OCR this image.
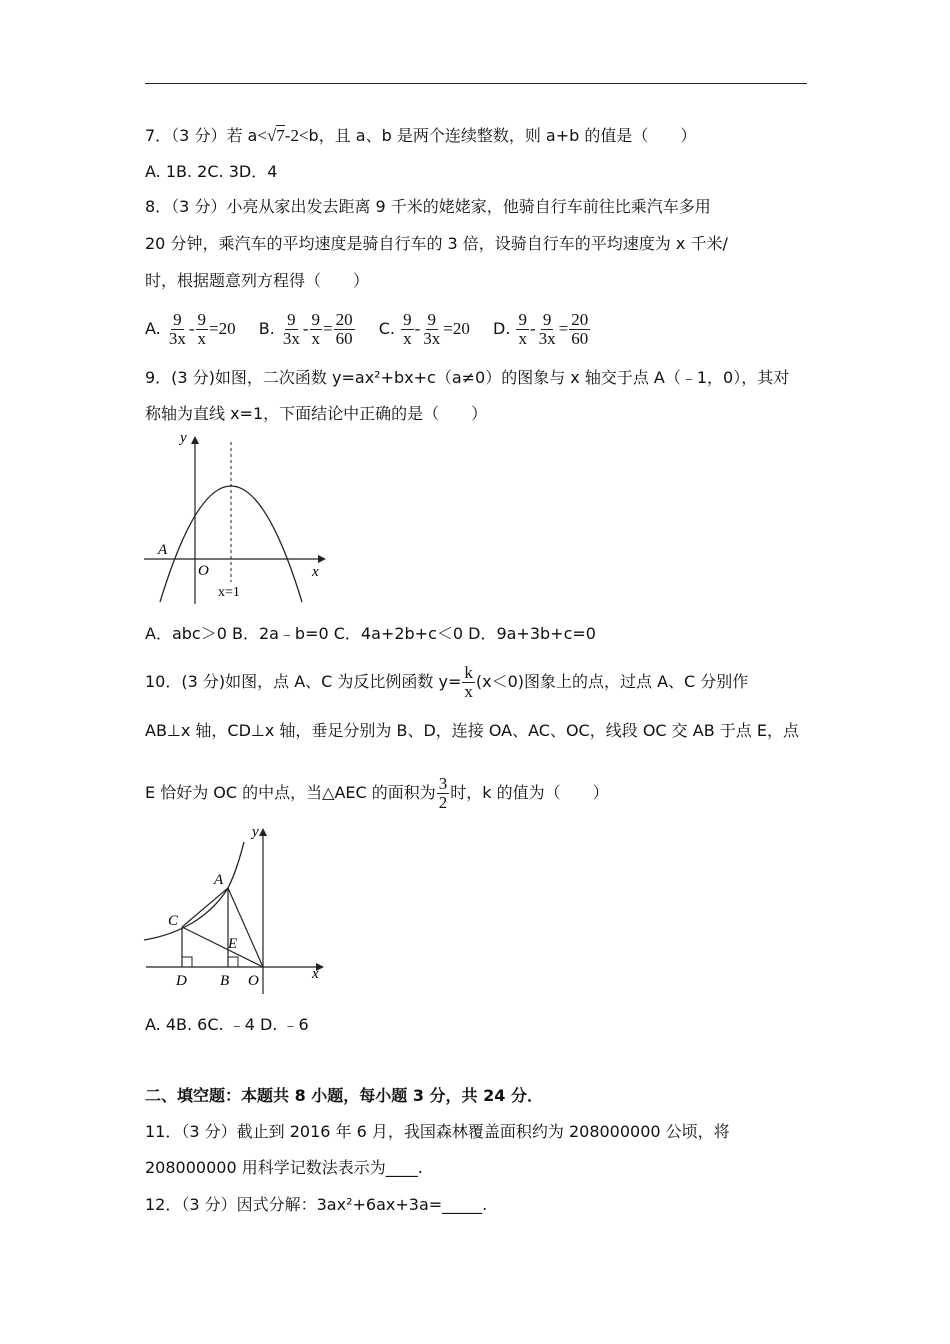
7．（3 分）若 a<√7-2<b，且 a、b 是两个连续整数，则 a+b 的值是（　　）
A. 1B. 2C. 3D．4
8．（3 分）小亮从家出发去距离 9 千米的姥姥家，他骑自行车前往比乘汽车多用
20 分钟，乘汽车的平均速度是骑自行车的 3 倍，设骑自行车的平均速度为 x 千米/
时，根据题意列方程得（　　）
A. $\frac{9}{3x} - \frac{9}{x} =20$ B. $\frac{9}{3x} - \frac{9}{x} = \frac{20}{60} C$. $\frac{9}{x} - \frac{9}{3x} =20$ D. $\frac{9}{x} - \frac{9}{3x} = \frac{20}{60}$
9．(3 分)如图，二次函数 y=ax²+bx+c（a≠0）的图象与 x 轴交于点 A（﹣1，0），其对
称轴为直线 x=1，下面结论中正确的是（　　）
y
x
A
O
x=1
A．abc＞0 B．2a﹣b=0 C．4a+2b+c＜0 D．9a+3b+c=0
10．(3 分)如图，点 A、C 为反比例函数 $y= \frac{k}{x} (x<0)$图象上的点，过点 A、C 分别作
AB⊥x 轴，CD⊥x 轴，垂足分别为 B、D，连接 OA、AC、OC，线段 OC 交 AB 于点 E，点
E 恰好为 OC 的中点，当△AEC 的面积为 $\frac{3}{2}$ 时，k 的值为（　　）
y
x
A
C
E
D B O
A. 4B. 6C. ﹣4 D. ﹣6
二、填空题：本题共 8 小题，每小题 3 分，共 24 分．
11．（3 分）截止到 2016 年 6 月，我国森林覆盖面积约为 208000000 公顷，将
208000000 用科学记数法表示为____.
12．（3 分）因式分解：3ax²+6ax+3a=_____.
